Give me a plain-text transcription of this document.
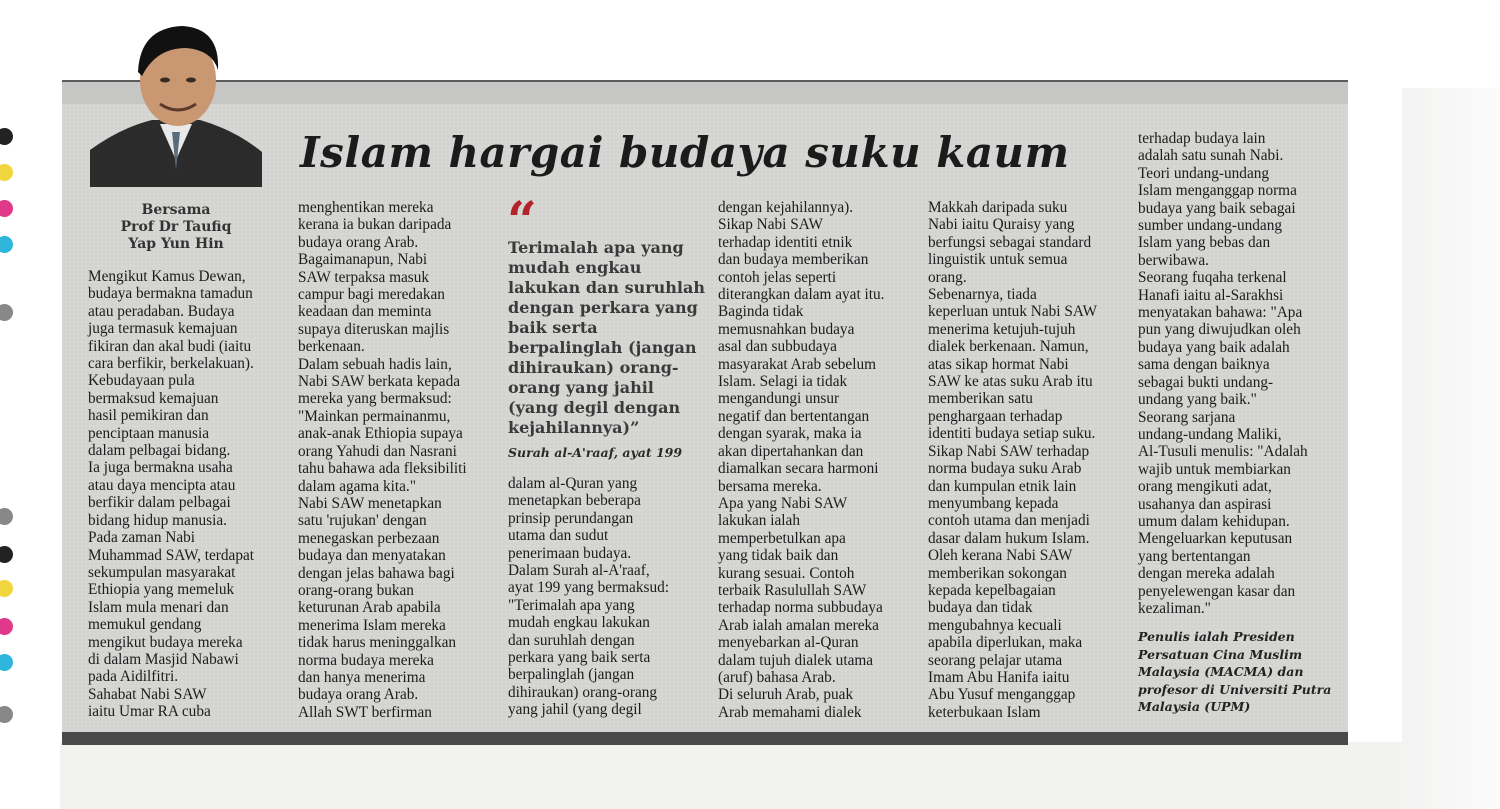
Bersama
Prof Dr Taufiq
Yap Yun Hin
Islam hargai budaya suku kaum
Mengikut Kamus Dewan,
budaya bermakna tamadun
atau peradaban. Budaya
juga termasuk kemajuan
fikiran dan akal budi (iaitu
cara berfikir, berkelakuan).
Kebudayaan pula
bermaksud kemajuan
hasil pemikiran dan
penciptaan manusia
dalam pelbagai bidang.
Ia juga bermakna usaha
atau daya mencipta atau
berfikir dalam pelbagai
bidang hidup manusia.
Pada zaman Nabi
Muhammad SAW, terdapat
sekumpulan masyarakat
Ethiopia yang memeluk
Islam mula menari dan
memukul gendang
mengikut budaya mereka
di dalam Masjid Nabawi
pada Aidilfitri.
Sahabat Nabi SAW
iaitu Umar RA cuba
menghentikan mereka
kerana ia bukan daripada
budaya orang Arab.
Bagaimanapun, Nabi
SAW terpaksa masuk
campur bagi meredakan
keadaan dan meminta
supaya diteruskan majlis
berkenaan.
Dalam sebuah hadis lain,
Nabi SAW berkata kepada
mereka yang bermaksud:
"Mainkan permainanmu,
anak-anak Ethiopia supaya
orang Yahudi dan Nasrani
tahu bahawa ada fleksibiliti
dalam agama kita."
Nabi SAW menetapkan
satu 'rujukan' dengan
menegaskan perbezaan
budaya dan menyatakan
dengan jelas bahawa bagi
orang-orang bukan
keturunan Arab apabila
menerima Islam mereka
tidak harus meninggalkan
norma budaya mereka
dan hanya menerima
budaya orang Arab.
Allah SWT berfirman
“
Terimalah apa yang mudah engkau lakukan dan suruhlah dengan perkara yang baik serta berpalinglah (jangan dihiraukan) orang-orang yang jahil (yang degil dengan kejahilannya)”
Surah al-A'raaf, ayat 199
dalam al-Quran yang
menetapkan beberapa
prinsip perundangan
utama dan sudut
penerimaan budaya.
Dalam Surah al-A'raaf,
ayat 199 yang bermaksud:
"Terimalah apa yang
mudah engkau lakukan
dan suruhlah dengan
perkara yang baik serta
berpalinglah (jangan
dihiraukan) orang-orang
yang jahil (yang degil
dengan kejahilannya).
Sikap Nabi SAW
terhadap identiti etnik
dan budaya memberikan
contoh jelas seperti
diterangkan dalam ayat itu.
Baginda tidak
memusnahkan budaya
asal dan subbudaya
masyarakat Arab sebelum
Islam. Selagi ia tidak
mengandungi unsur
negatif dan bertentangan
dengan syarak, maka ia
akan dipertahankan dan
diamalkan secara harmoni
bersama mereka.
Apa yang Nabi SAW
lakukan ialah
memperbetulkan apa
yang tidak baik dan
kurang sesuai. Contoh
terbaik Rasulullah SAW
terhadap norma subbudaya
Arab ialah amalan mereka
menyebarkan al-Quran
dalam tujuh dialek utama
(aruf) bahasa Arab.
Di seluruh Arab, puak
Arab memahami dialek
Makkah daripada suku
Nabi iaitu Quraisy yang
berfungsi sebagai standard
linguistik untuk semua
orang.
Sebenarnya, tiada
keperluan untuk Nabi SAW
menerima ketujuh-tujuh
dialek berkenaan. Namun,
atas sikap hormat Nabi
SAW ke atas suku Arab itu
memberikan satu
penghargaan terhadap
identiti budaya setiap suku.
Sikap Nabi SAW terhadap
norma budaya suku Arab
dan kumpulan etnik lain
menyumbang kepada
contoh utama dan menjadi
dasar dalam hukum Islam.
Oleh kerana Nabi SAW
memberikan sokongan
kepada kepelbagaian
budaya dan tidak
mengubahnya kecuali
apabila diperlukan, maka
seorang pelajar utama
Imam Abu Hanifa iaitu
Abu Yusuf menganggap
keterbukaan Islam
terhadap budaya lain
adalah satu sunah Nabi.
Teori undang-undang
Islam menganggap norma
budaya yang baik sebagai
sumber undang-undang
Islam yang bebas dan
berwibawa.
Seorang fuqaha terkenal
Hanafi iaitu al-Sarakhsi
menyatakan bahawa: "Apa
pun yang diwujudkan oleh
budaya yang baik adalah
sama dengan baiknya
sebagai bukti undang-
undang yang baik."
Seorang sarjana
undang-undang Maliki,
Al-Tusuli menulis: "Adalah
wajib untuk membiarkan
orang mengikuti adat,
usahanya dan aspirasi
umum dalam kehidupan.
Mengeluarkan keputusan
yang bertentangan
dengan mereka adalah
penyelewengan kasar dan
kezaliman."
Penulis ialah Presiden Persatuan Cina Muslim Malaysia (MACMA) dan profesor di Universiti Putra Malaysia (UPM)
